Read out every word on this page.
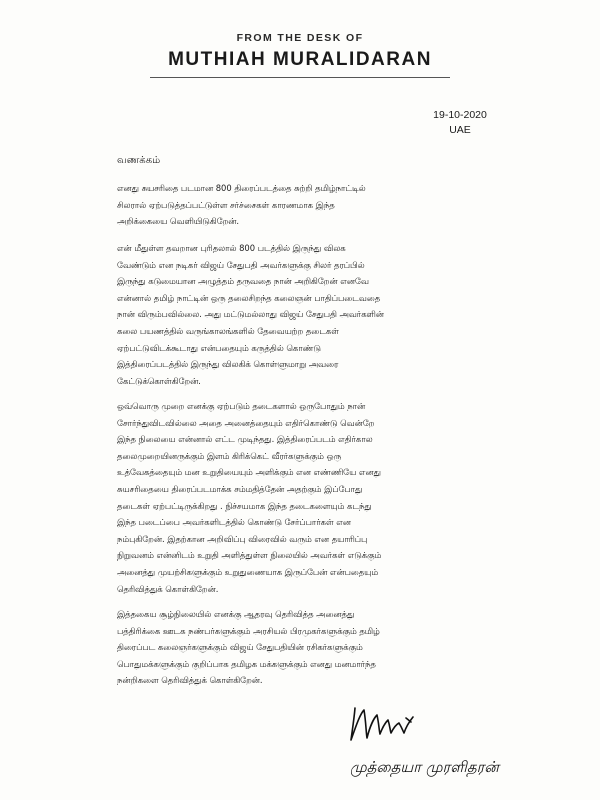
FROM THE DESK OF
MUTHIAH MURALIDARAN
19-10-2020
UAE
வணக்கம்
எனது சுயசரிதை படமான 800 திரைப்படத்தை சுற்றி தமிழ்நாட்டில்
சிலரால் ஏற்படுத்தப்பட்டுள்ள சர்ச்சைகள் காரணமாக இந்த
அறிக்கையை வெளியிடுகிறேன்.
என் மீதுள்ள தவறான புரிதலால் 800 படத்தில் இருந்து விலக
வேண்டும் என நடிகர் விஜய் சேதுபதி அவர்களுக்கு சிலர் தரப்பில்
இருந்து கடுமையான அழுத்தம் தருவதை நான் அறிகிறேன் எனவே
என்னால் தமிழ் நாட்டின் ஒரு தலைசிறந்த கலைஞன் பாதிப்படைவதை
நான் விரும்பவில்லை. அது மட்டுமல்லாது விஜய் சேதுபதி அவர்களின்
கலை பயணத்தில் வருங்காலங்களில் தேவையற்ற தடைகள்
ஏற்பட்டுவிடக்கூடாது என்பதையும் கருத்தில் கொண்டு
இத்திரைப்படத்தில் இருந்து விலகிக் கொள்ளுமாறு அவரை
கேட்டுக்கொள்கிறேன்.
ஒவ்வொரு முறை எனக்கு ஏற்படும் தடைகளால் ஒருபோதும் நான்
சோர்ந்துவிடவில்லை அதை அனைத்தையும் எதிர்கொண்டு வென்றே
இந்த நிலையை என்னால் எட்ட முடிந்தது. இத்திரைப்படம் எதிர்கால
தலைமுறையினருக்கும் இளம் கிரிக்கெட் வீரர்களுக்கும் ஒரு
உத்வேகத்தையும் மன உறுதியையும் அளிக்கும் என எண்ணியே எனது
சுயசரிதையை திரைப்படமாக்க சம்மதித்தேன் அதற்கும் இப்போது
தடைகள் ஏற்பட்டிருக்கிறது . நிச்சயமாக இந்த தடைகளையும் கடந்து
இந்த படைப்பை அவர்களிடத்தில் கொண்டு சேர்ப்பார்கள் என
நம்புகிறேன். இதற்கான அறிவிப்பு விரைவில் வரும் என தயாரிப்பு
நிறுவனம் என்னிடம் உறுதி அளித்துள்ள நிலையில் அவர்கள் எடுக்கும்
அனைத்து முயற்சிகளுக்கும் உறுதுணையாக இருப்பேன் என்பதையும்
தெரிவித்துக் கொள்கிறேன்.
இத்தகைய சூழ்நிலையில் எனக்கு ஆதரவு தெரிவித்த அனைத்து
பத்திரிக்கை ஊடக நண்பர்களுக்கும் அரசியல் பிரமுகர்களுக்கும் தமிழ்
திரைப்பட கலைஞர்களுக்கும் விஜய் சேதுபதியின் ரசிகர்களுக்கும்
பொதுமக்களுக்கும் குறிப்பாக தமிழக மக்களுக்கும் எனது மனமார்ந்த
நன்றிகளை தெரிவித்துக் கொள்கிறேன்.
முத்தையா முரளிதரன்
